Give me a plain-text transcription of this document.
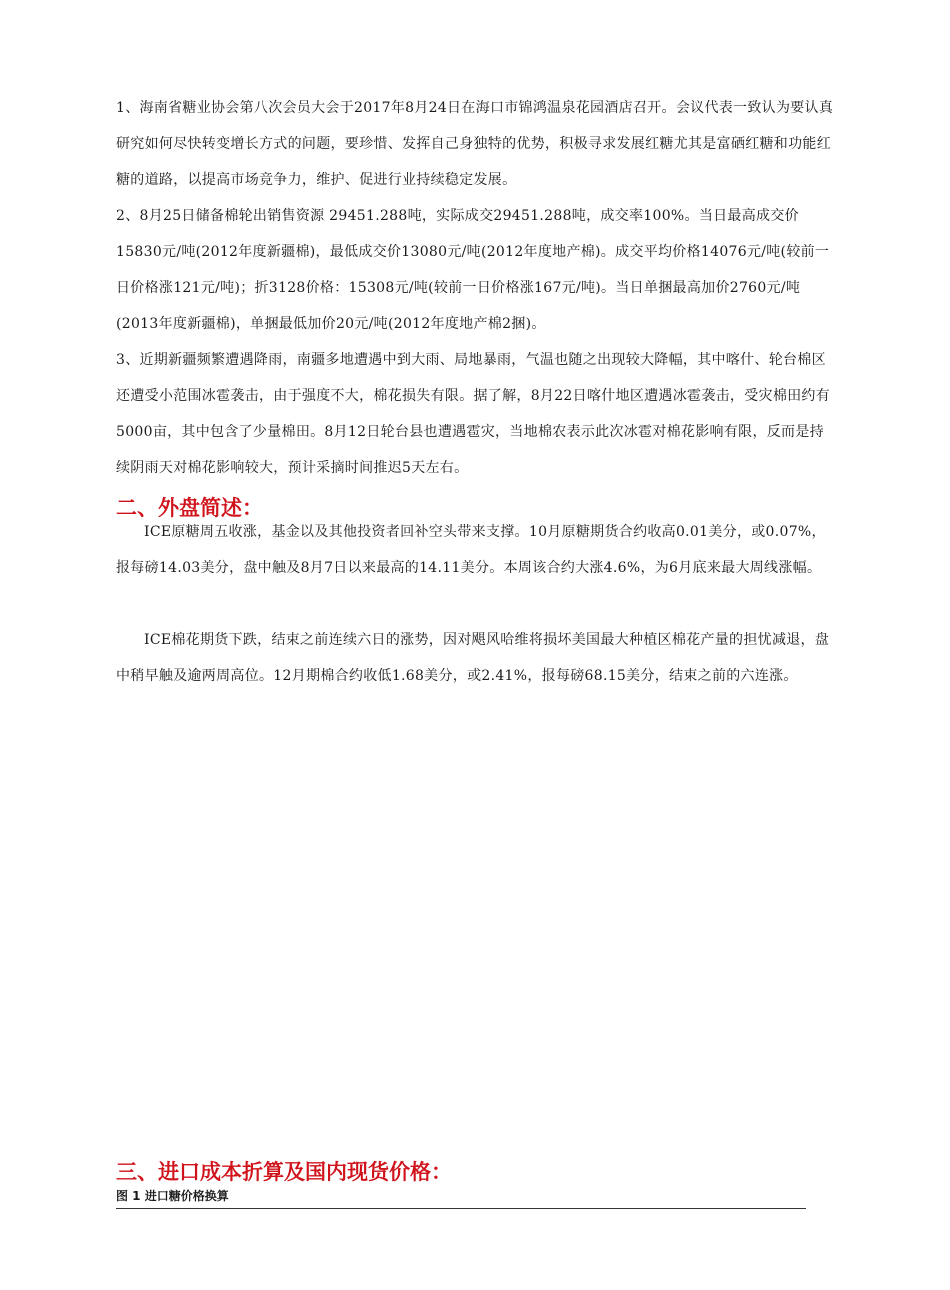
1、海南省糖业协会第八次会员大会于2017年8月24日在海口市锦鸿温泉花园酒店召开。会议代表一致认为要认真研究如何尽快转变增长方式的问题，要珍惜、发挥自己身独特的优势，积极寻求发展红糖尤其是富硒红糖和功能红糖的道路，以提高市场竞争力，维护、促进行业持续稳定发展。

2、8月25日储备棉轮出销售资源 29451.288吨，实际成交29451.288吨，成交率100%。当日最高成交价15830元/吨(2012年度新疆棉)，最低成交价13080元/吨(2012年度地产棉)。成交平均价格14076元/吨(较前一日价格涨121元/吨)；折3128价格：15308元/吨(较前一日价格涨167元/吨)。当日单捆最高加价2760元/吨(2013年度新疆棉)，单捆最低加价20元/吨(2012年度地产棉2捆)。

3、近期新疆频繁遭遇降雨，南疆多地遭遇中到大雨、局地暴雨，气温也随之出现较大降幅，其中喀什、轮台棉区还遭受小范围冰雹袭击，由于强度不大，棉花损失有限。据了解，8月22日喀什地区遭遇冰雹袭击，受灾棉田约有5000亩，其中包含了少量棉田。8月12日轮台县也遭遇雹灾，当地棉农表示此次冰雹对棉花影响有限，反而是持续阴雨天对棉花影响较大，预计采摘时间推迟5天左右。

二、外盘简述：

ICE原糖周五收涨，基金以及其他投资者回补空头带来支撑。10月原糖期货合约收高0.01美分，或0.07%，报每磅14.03美分，盘中触及8月7日以来最高的14.11美分。本周该合约大涨4.6%，为6月底来最大周线涨幅。

ICE棉花期货下跌，结束之前连续六日的涨势，因对飓风哈维将损坏美国最大种植区棉花产量的担忧减退，盘中稍早触及逾两周高位。12月期棉合约收低1.68美分，或2.41%，报每磅68.15美分，结束之前的六连涨。

三、进口成本折算及国内现货价格：

图 1 进口糖价格换算
